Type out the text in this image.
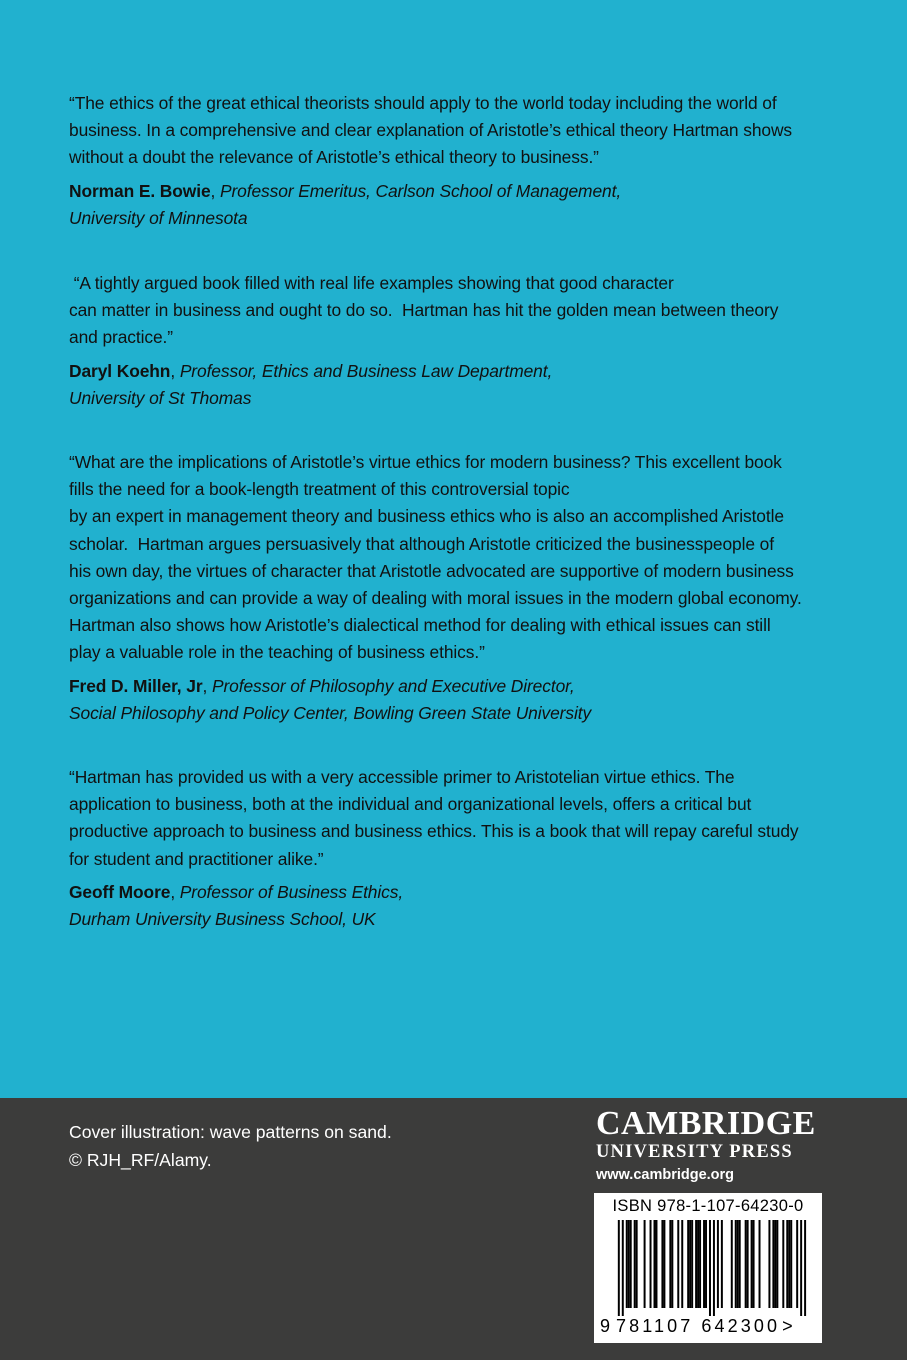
“The ethics of the great ethical theorists should apply to the world today including the world of
business. In a comprehensive and clear explanation of Aristotle’s ethical theory Hartman shows
without a doubt the relevance of Aristotle’s ethical theory to business.”
Norman E. Bowie, Professor Emeritus, Carlson School of Management,
University of Minnesota
“A tightly argued book filled with real life examples showing that good character
can matter in business and ought to do so.  Hartman has hit the golden mean between theory
and practice.”
Daryl Koehn, Professor, Ethics and Business Law Department,
University of St Thomas
“What are the implications of Aristotle’s virtue ethics for modern business? This excellent book
fills the need for a book-length treatment of this controversial topic
by an expert in management theory and business ethics who is also an accomplished Aristotle
scholar.  Hartman argues persuasively that although Aristotle criticized the businesspeople of
his own day, the virtues of character that Aristotle advocated are supportive of modern business
organizations and can provide a way of dealing with moral issues in the modern global economy.
Hartman also shows how Aristotle’s dialectical method for dealing with ethical issues can still
play a valuable role in the teaching of business ethics.”
Fred D. Miller, Jr, Professor of Philosophy and Executive Director,
Social Philosophy and Policy Center, Bowling Green State University
“Hartman has provided us with a very accessible primer to Aristotelian virtue ethics. The
application to business, both at the individual and organizational levels, offers a critical but
productive approach to business and business ethics. This is a book that will repay careful study
for student and practitioner alike.”
Geoff Moore, Professor of Business Ethics,
Durham University Business School, UK
Cover illustration: wave patterns on sand.
© RJH_RF/Alamy.
CAMBRIDGE
UNIVERSITY PRESS
www.cambridge.org
ISBN 978-1-107-64230-0
9 781107 642300 >
